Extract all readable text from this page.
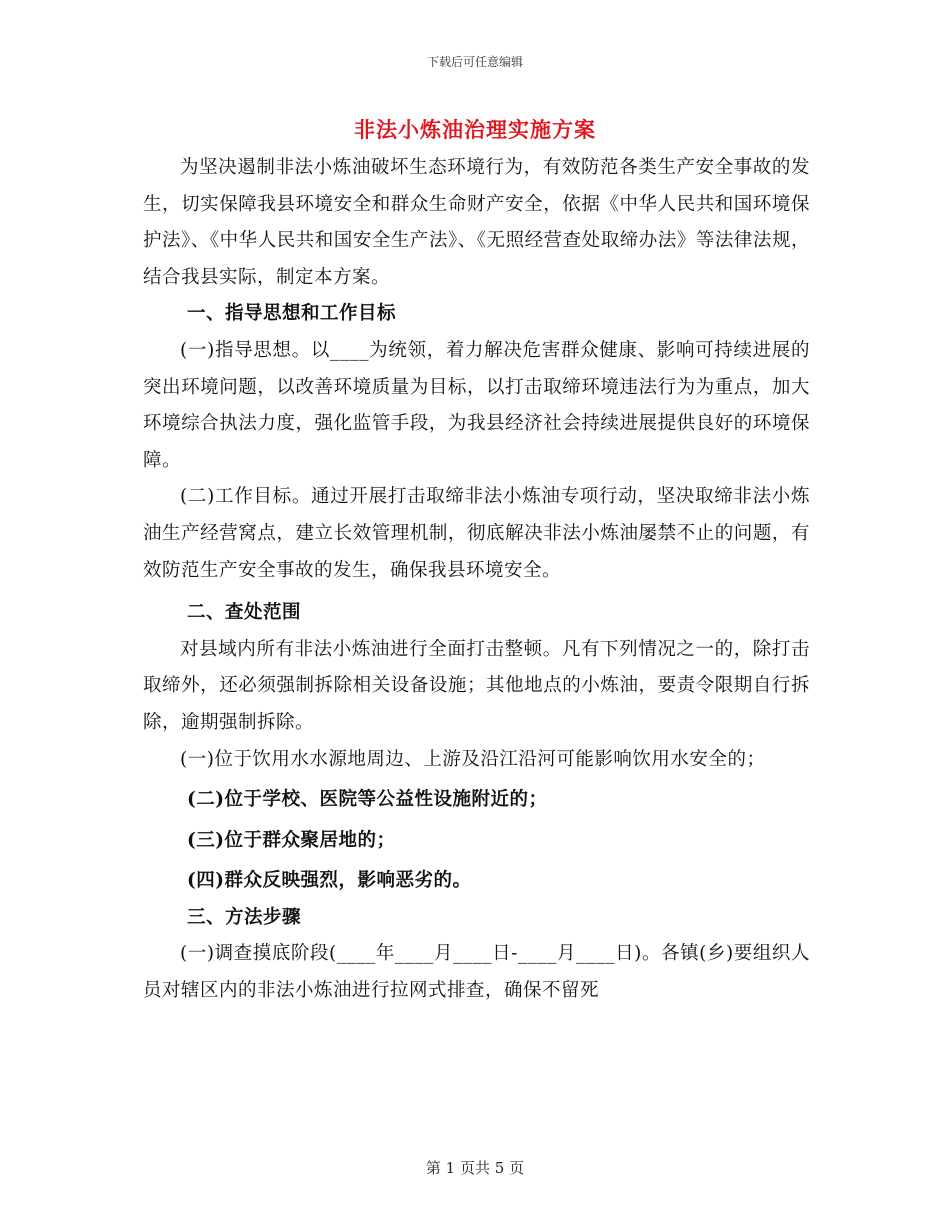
下载后可任意编辑
非法小炼油治理实施方案

为坚决遏制非法小炼油破坏生态环境行为，有效防范各类生产安全事故的发生，切实保障我县环境安全和群众生命财产安全，依据《中华人民共和国环境保护法》、《中华人民共和国安全生产法》、《无照经营查处取缔办法》等法律法规，结合我县实际，制定本方案。

一、指导思想和工作目标

(一)指导思想。以____为统领，着力解决危害群众健康、影响可持续进展的突出环境问题，以改善环境质量为目标，以打击取缔环境违法行为为重点，加大环境综合执法力度，强化监管手段，为我县经济社会持续进展提供良好的环境保障。

(二)工作目标。通过开展打击取缔非法小炼油专项行动，坚决取缔非法小炼油生产经营窝点，建立长效管理机制，彻底解决非法小炼油屡禁不止的问题，有效防范生产安全事故的发生，确保我县环境安全。

二、查处范围

对县域内所有非法小炼油进行全面打击整顿。凡有下列情况之一的，除打击取缔外，还必须强制拆除相关设备设施；其他地点的小炼油，要责令限期自行拆除，逾期强制拆除。

(一)位于饮用水水源地周边、上游及沿江沿河可能影响饮用水安全的；

(二)位于学校、医院等公益性设施附近的；

(三)位于群众聚居地的；

(四)群众反映强烈，影响恶劣的。

三、方法步骤

(一)调查摸底阶段(____年____月____日-____月____日)。各镇(乡)要组织人员对辖区内的非法小炼油进行拉网式排查，确保不留死

第 1 页共 5 页
